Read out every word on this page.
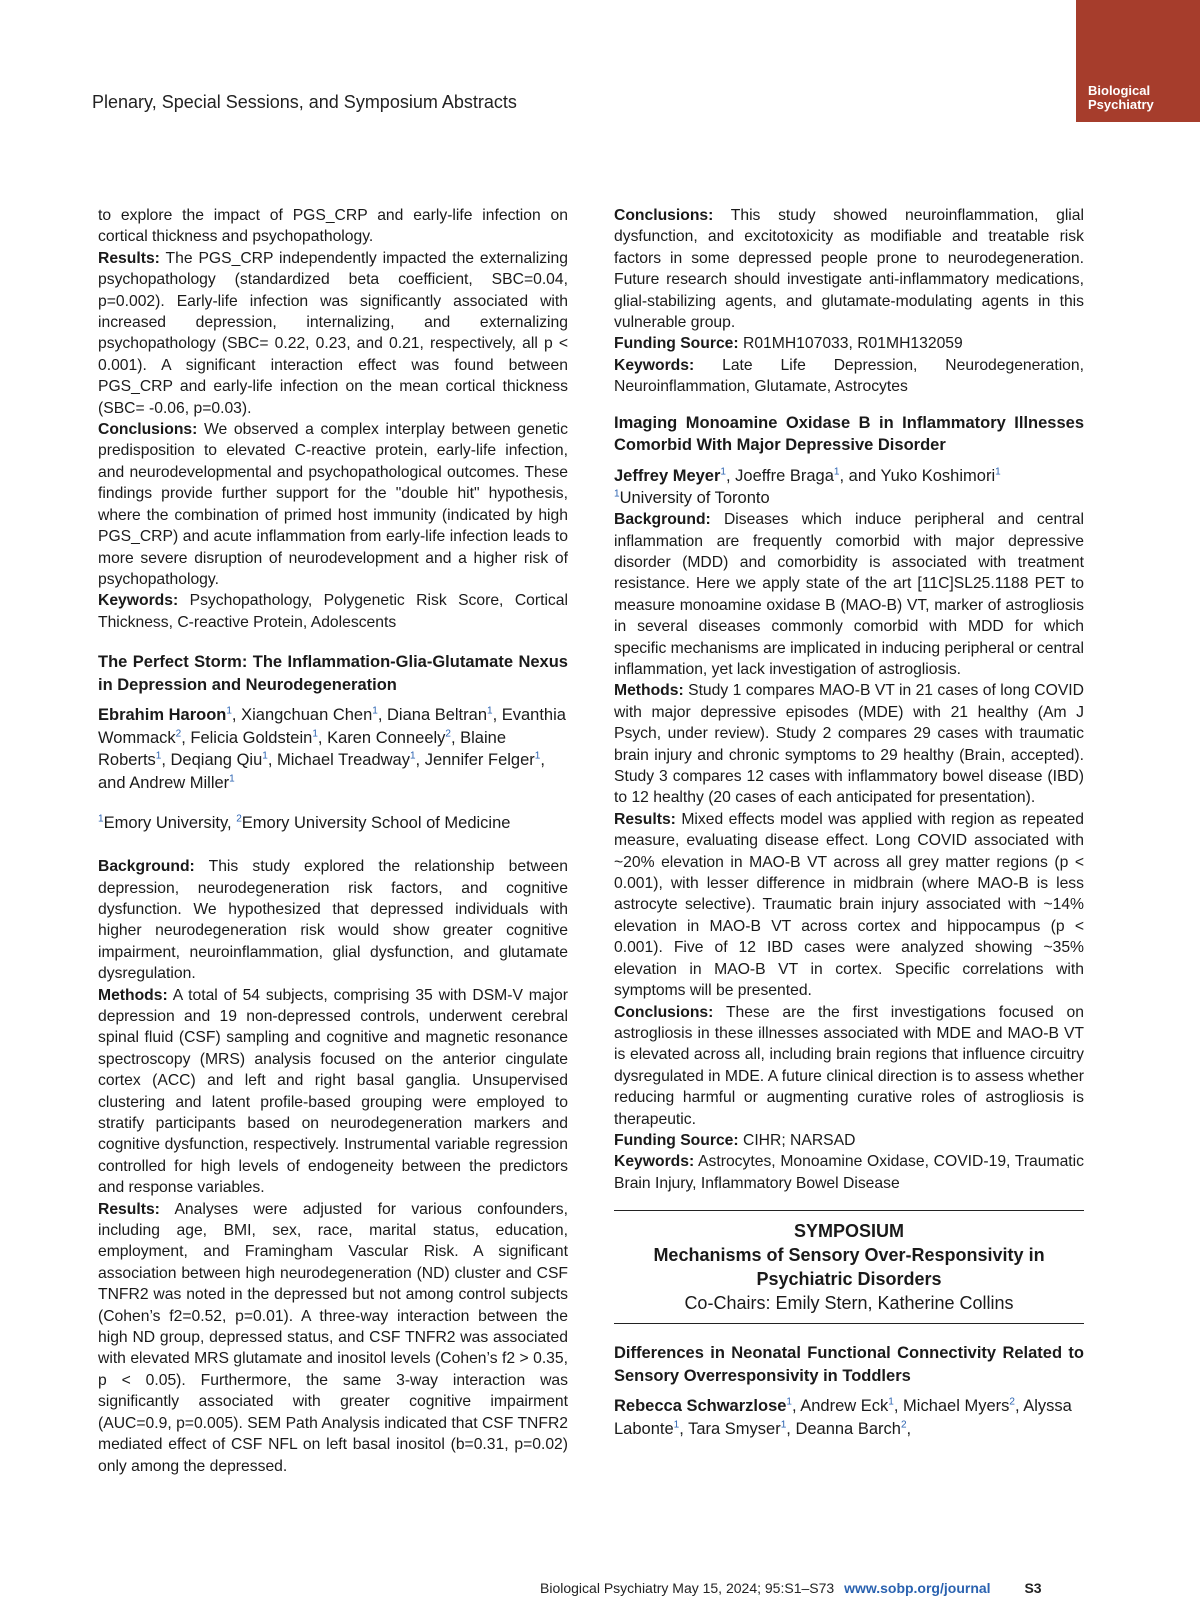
Plenary, Special Sessions, and Symposium Abstracts
Biological
Psychiatry

to explore the impact of PGS_CRP and early-life infection on cortical thickness and psychopathology.

Results: The PGS_CRP independently impacted the externalizing psychopathology (standardized beta coefficient, SBC=0.04, p=0.002). Early-life infection was significantly associated with increased depression, internalizing, and externalizing psychopathology (SBC= 0.22, 0.23, and 0.21, respectively, all p < 0.001). A significant interaction effect was found between PGS_CRP and early-life infection on the mean cortical thickness (SBC= -0.06, p=0.03).

Conclusions: We observed a complex interplay between genetic predisposition to elevated C-reactive protein, early-life infection, and neurodevelopmental and psychopathological outcomes. These findings provide further support for the "double hit" hypothesis, where the combination of primed host immunity (indicated by high PGS_CRP) and acute inflammation from early-life infection leads to more severe disruption of neurodevelopment and a higher risk of psychopathology.

Keywords: Psychopathology, Polygenetic Risk Score, Cortical Thickness, C-reactive Protein, Adolescents

The Perfect Storm: The Inflammation-Glia-Glutamate Nexus in Depression and Neurodegeneration

Ebrahim Haroon$^1$, Xiangchuan Chen$^1$, Diana Beltran$^1$, Evanthia Wommack$^2$, Felicia Goldstein$^1$, Karen Conneely$^2$, Blaine Roberts$^1$, Deqiang Qiu$^1$, Michael Treadway$^1$, Jennifer Felger$^1$, and Andrew Miller$^1$

$^1$Emory University, $^2$Emory University School of Medicine

Background: This study explored the relationship between depression, neurodegeneration risk factors, and cognitive dysfunction. We hypothesized that depressed individuals with higher neurodegeneration risk would show greater cognitive impairment, neuroinflammation, glial dysfunction, and glutamate dysregulation.

Methods: A total of 54 subjects, comprising 35 with DSM-V major depression and 19 non-depressed controls, underwent cerebral spinal fluid (CSF) sampling and cognitive and magnetic resonance spectroscopy (MRS) analysis focused on the anterior cingulate cortex (ACC) and left and right basal ganglia. Unsupervised clustering and latent profile-based grouping were employed to stratify participants based on neurodegeneration markers and cognitive dysfunction, respectively. Instrumental variable regression controlled for high levels of endogeneity between the predictors and response variables.

Results: Analyses were adjusted for various confounders, including age, BMI, sex, race, marital status, education, employment, and Framingham Vascular Risk. A significant association between high neurodegeneration (ND) cluster and CSF TNFR2 was noted in the depressed but not among control subjects (Cohen’s f2=0.52, p=0.01). A three-way interaction between the high ND group, depressed status, and CSF TNFR2 was associated with elevated MRS glutamate and inositol levels (Cohen’s f2 > 0.35, p < 0.05). Furthermore, the same 3-way interaction was significantly associated with greater cognitive impairment (AUC=0.9, p=0.005). SEM Path Analysis indicated that CSF TNFR2 mediated effect of CSF NFL on left basal inositol (b=0.31, p=0.02) only among the depressed.

Conclusions: This study showed neuroinflammation, glial dysfunction, and excitotoxicity as modifiable and treatable risk factors in some depressed people prone to neurodegeneration. Future research should investigate anti-inflammatory medications, glial-stabilizing agents, and glutamate-modulating agents in this vulnerable group.

Funding Source: R01MH107033, R01MH132059

Keywords: Late Life Depression, Neurodegeneration, Neuroinflammation, Glutamate, Astrocytes

Imaging Monoamine Oxidase B in Inflammatory Illnesses Comorbid With Major Depressive Disorder

Jeffrey Meyer$^1$, Joeffre Braga$^1$, and Yuko Koshimori$^1$

$^1$University of Toronto

Background: Diseases which induce peripheral and central inflammation are frequently comorbid with major depressive disorder (MDD) and comorbidity is associated with treatment resistance. Here we apply state of the art [11C]SL25.1188 PET to measure monoamine oxidase B (MAO-B) VT, marker of astrogliosis in several diseases commonly comorbid with MDD for which specific mechanisms are implicated in inducing peripheral or central inflammation, yet lack investigation of astrogliosis.

Methods: Study 1 compares MAO-B VT in 21 cases of long COVID with major depressive episodes (MDE) with 21 healthy (Am J Psych, under review). Study 2 compares 29 cases with traumatic brain injury and chronic symptoms to 29 healthy (Brain, accepted). Study 3 compares 12 cases with inflammatory bowel disease (IBD) to 12 healthy (20 cases of each anticipated for presentation).

Results: Mixed effects model was applied with region as repeated measure, evaluating disease effect. Long COVID associated with ~20% elevation in MAO-B VT across all grey matter regions (p < 0.001), with lesser difference in midbrain (where MAO-B is less astrocyte selective). Traumatic brain injury associated with ~14% elevation in MAO-B VT across cortex and hippocampus (p < 0.001). Five of 12 IBD cases were analyzed showing ~35% elevation in MAO-B VT in cortex. Specific correlations with symptoms will be presented.

Conclusions: These are the first investigations focused on astrogliosis in these illnesses associated with MDE and MAO-B VT is elevated across all, including brain regions that influence circuitry dysregulated in MDE. A future clinical direction is to assess whether reducing harmful or augmenting curative roles of astrogliosis is therapeutic.

Funding Source: CIHR; NARSAD

Keywords: Astrocytes, Monoamine Oxidase, COVID-19, Traumatic Brain Injury, Inflammatory Bowel Disease

SYMPOSIUM
Mechanisms of Sensory Over-Responsivity in Psychiatric Disorders
Co-Chairs: Emily Stern, Katherine Collins
Differences in Neonatal Functional Connectivity Related to Sensory Overresponsivity in Toddlers

Rebecca Schwarzlose$^1$, Andrew Eck$^1$, Michael Myers$^2$, Alyssa Labonte$^1$, Tara Smyser$^1$, Deanna Barch$^2$,

Biological Psychiatry May 15, 2024; 95:S1–S73 www.sobp.org/journal S3
